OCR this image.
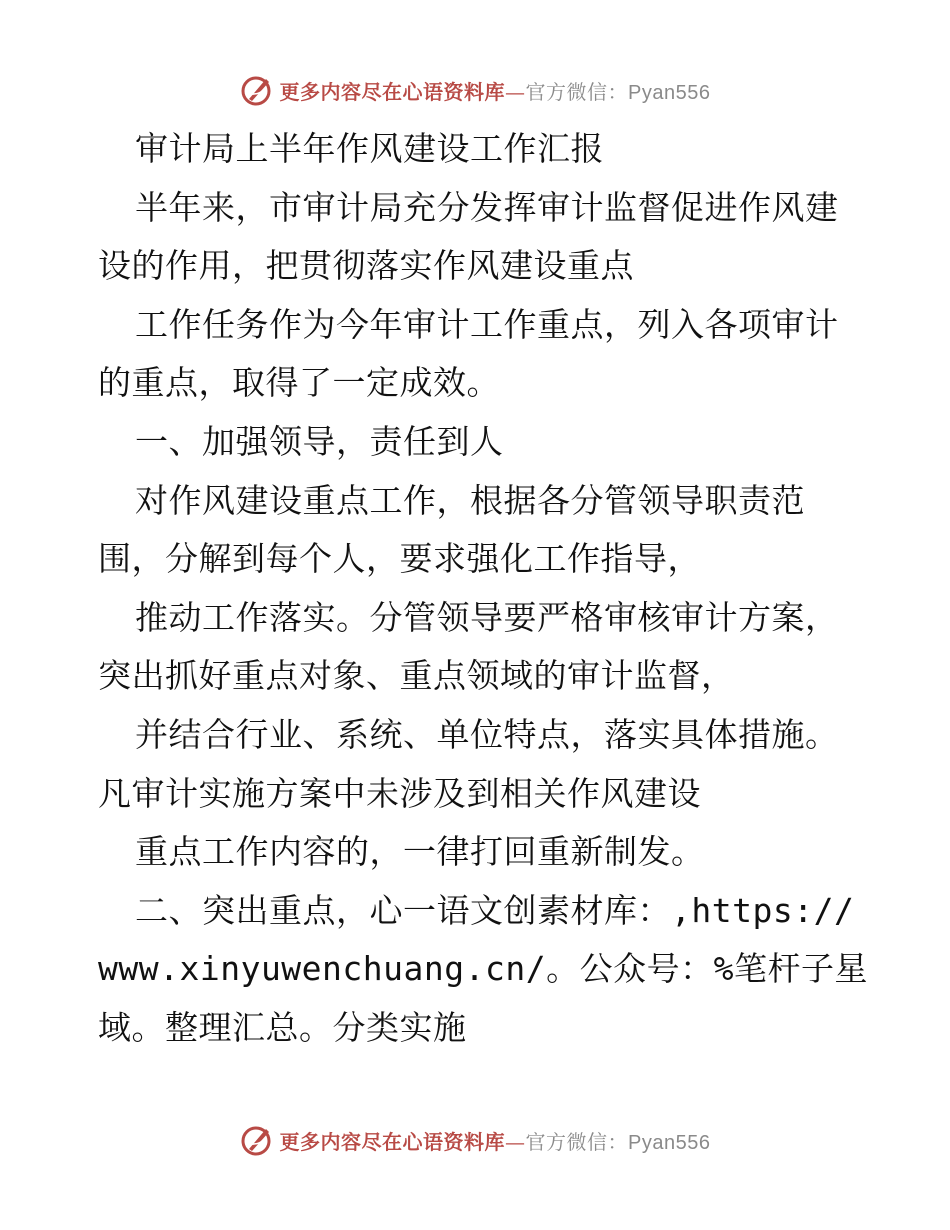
更多内容尽在心语资料库—官方微信：Pyan556
审计局上半年作风建设工作汇报
半年来，市审计局充分发挥审计监督促进作风建
设的作用，把贯彻落实作风建设重点
工作任务作为今年审计工作重点，列入各项审计
的重点，取得了一定成效。
一、加强领导，责任到人
对作风建设重点工作，根据各分管领导职责范
围，分解到每个人，要求强化工作指导，
推动工作落实。分管领导要严格审核审计方案，
突出抓好重点对象、重点领域的审计监督，
并结合行业、系统、单位特点，落实具体措施。
凡审计实施方案中未涉及到相关作风建设
重点工作内容的，一律打回重新制发。
二、突出重点，心一语文创素材库：,https://
www.xinyuwenchuang.cn/。公众号：%笔杆子星
域。整理汇总。分类实施
更多内容尽在心语资料库—官方微信：Pyan556
